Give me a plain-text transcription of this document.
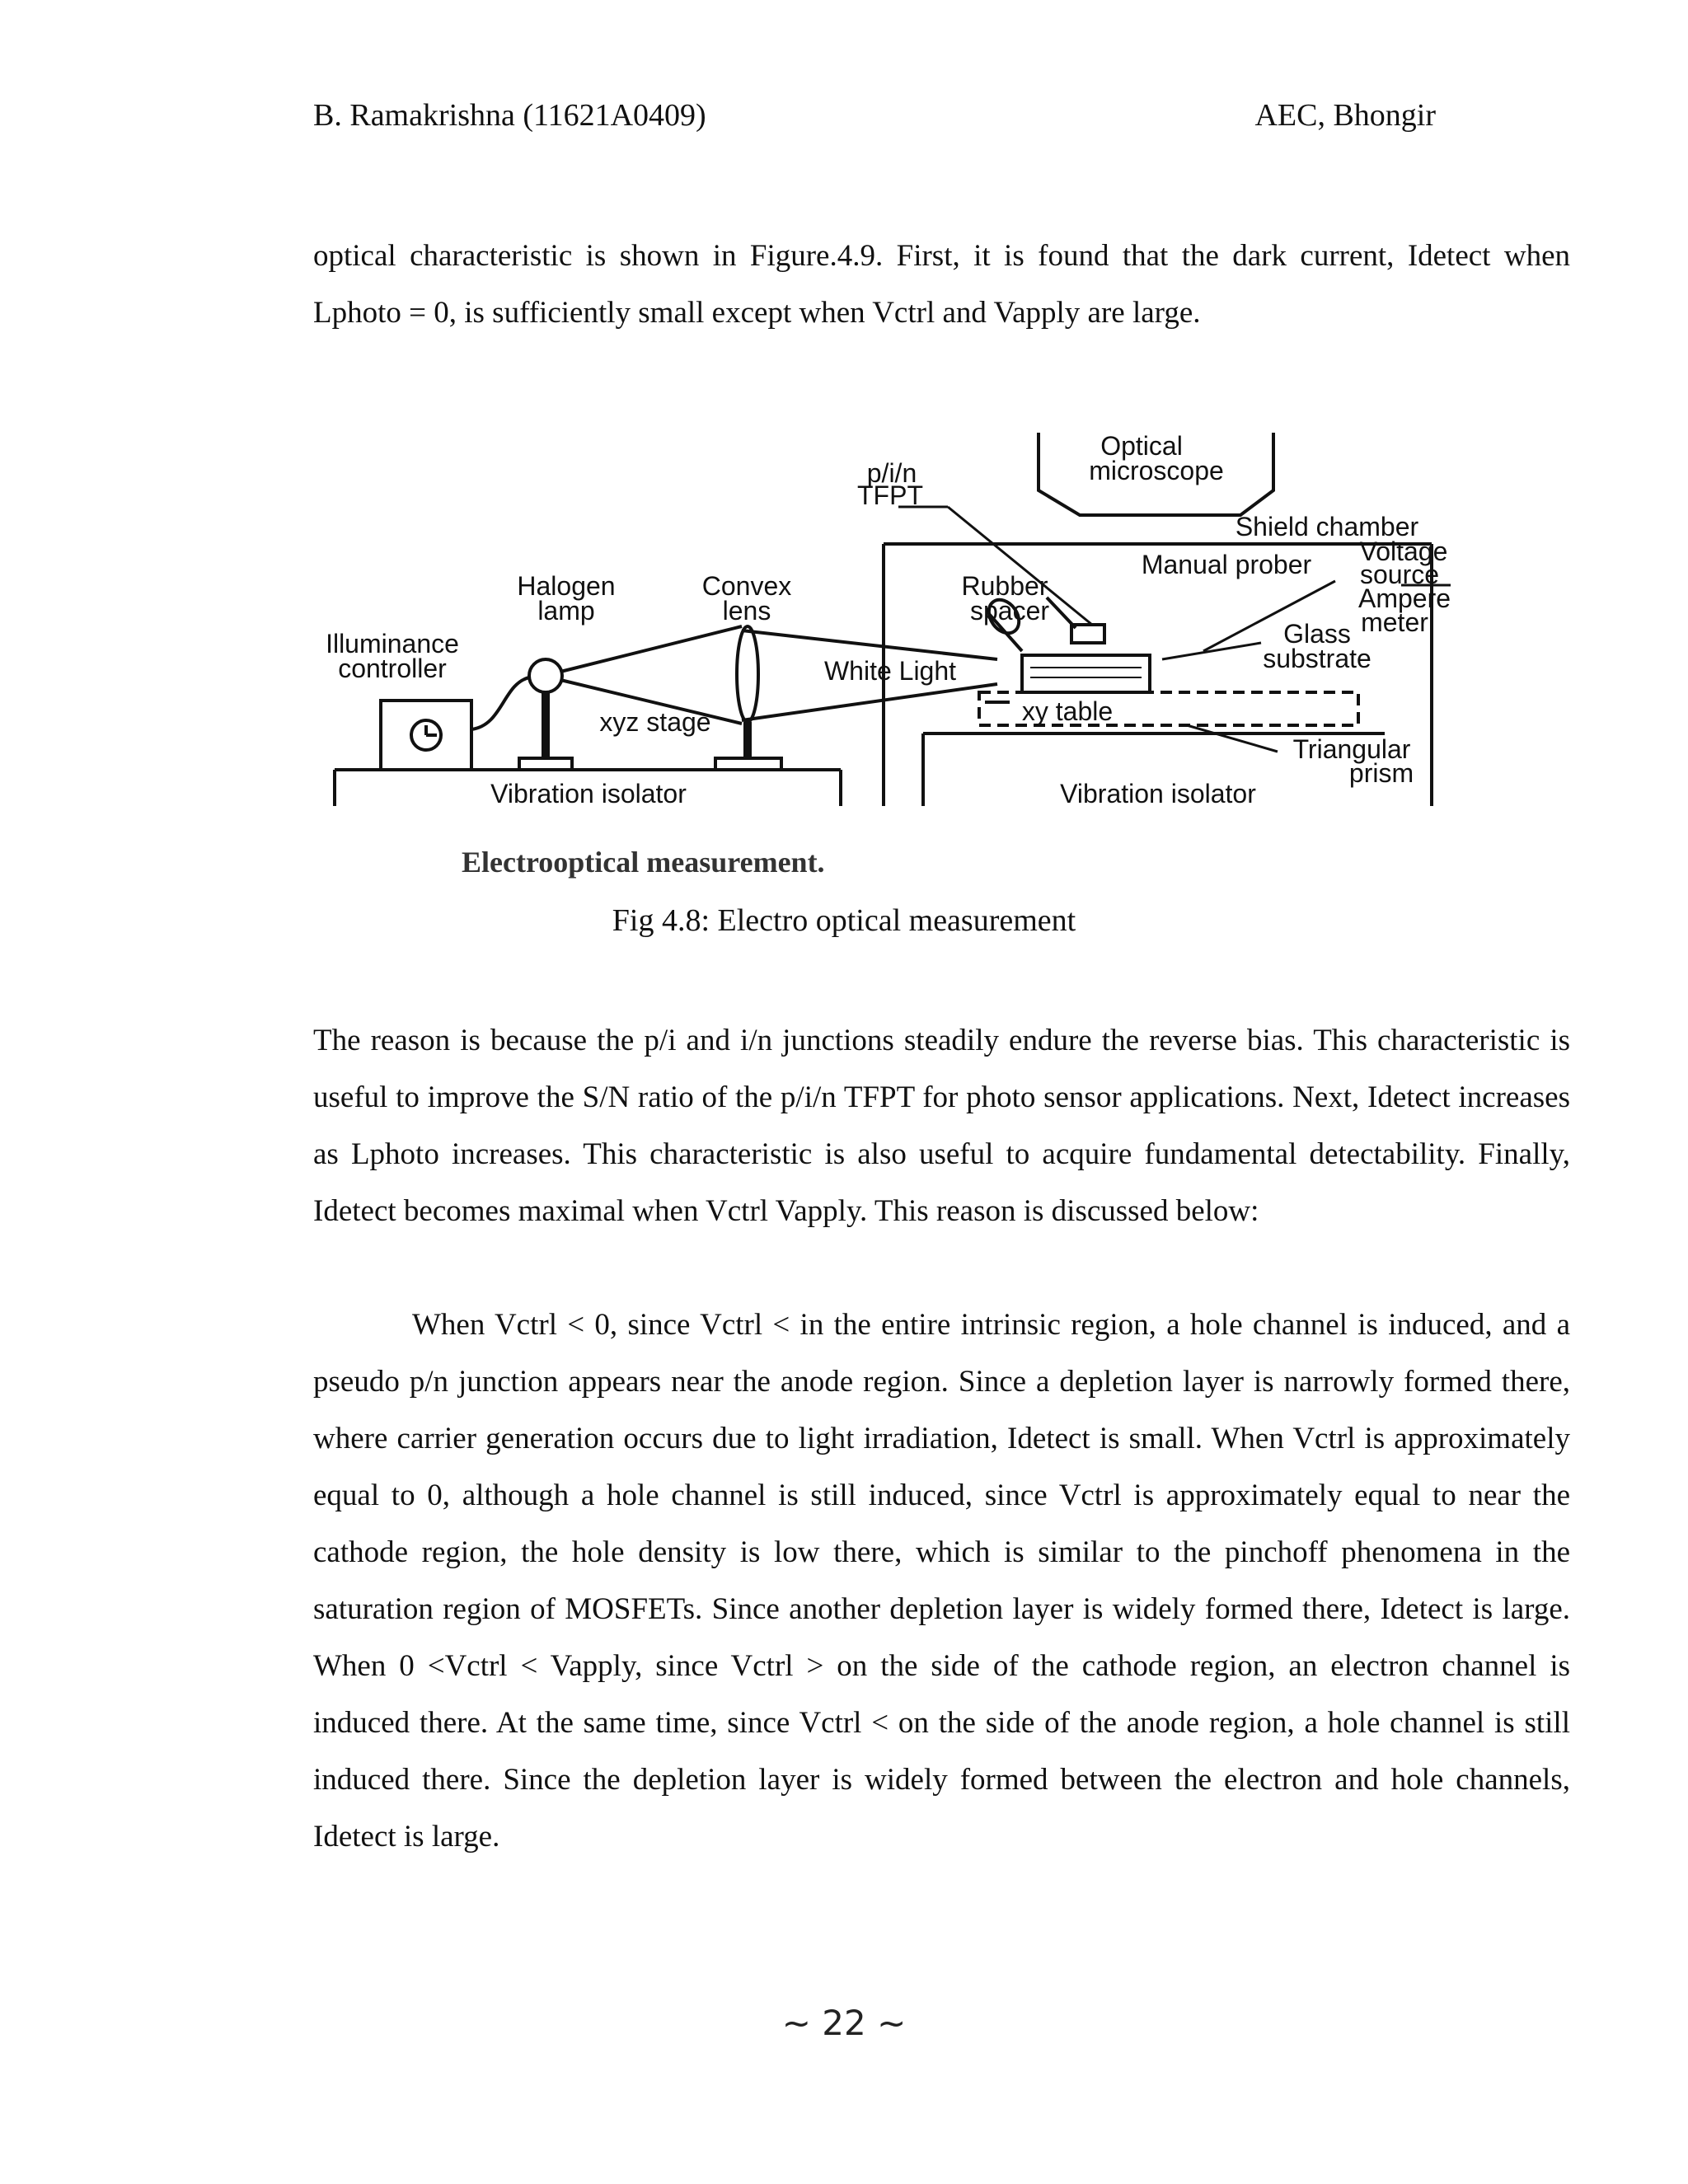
B. Ramakrishna (11621A0409)	AEC, Bhongir

optical characteristic is shown in Figure.4.9. First, it is found that the dark current, Idetect when Lphoto = 0, is sufficiently small except when Vctrl and Vapply are large.

Optical
microscope
p/i/n
TFPT
Shield chamber
Halogen
lamp
Convex
lens
Rubber
spacer
Manual prober Voltage
source
Ampere
meter
Illuminance
controller	White Light
Glass
substrate
xyz stage	xy table
Triangular
prism
Vibration isolator	Vibration isolator
Electrooptical measurement.
Fig 4.8: Electro optical measurement

The reason is because the p/i and i/n junctions steadily endure the reverse bias. This characteristic is useful to improve the S/N ratio of the p/i/n TFPT for photo sensor applications. Next, Idetect increases as Lphoto increases. This characteristic is also useful to acquire fundamental detectability. Finally, Idetect becomes maximal when Vctrl Vapply. This reason is discussed below:

When Vctrl < 0, since Vctrl < in the entire intrinsic region, a hole channel is induced, and a pseudo p/n junction appears near the anode region. Since a depletion layer is narrowly formed there, where carrier generation occurs due to light irradiation, Idetect is small. When Vctrl is approximately equal to 0, although a hole channel is still induced, since Vctrl is approximately equal to near the cathode region, the hole density is low there, which is similar to the pinchoff phenomena in the saturation region of MOSFETs. Since another depletion layer is widely formed there, Idetect is large. When 0 <Vctrl < Vapply, since Vctrl > on the side of the cathode region, an electron channel is induced there. At the same time, since Vctrl < on the side of the anode region, a hole channel is still induced there. Since the depletion layer is widely formed between the electron and hole channels, Idetect is large.

~ 22 ~
